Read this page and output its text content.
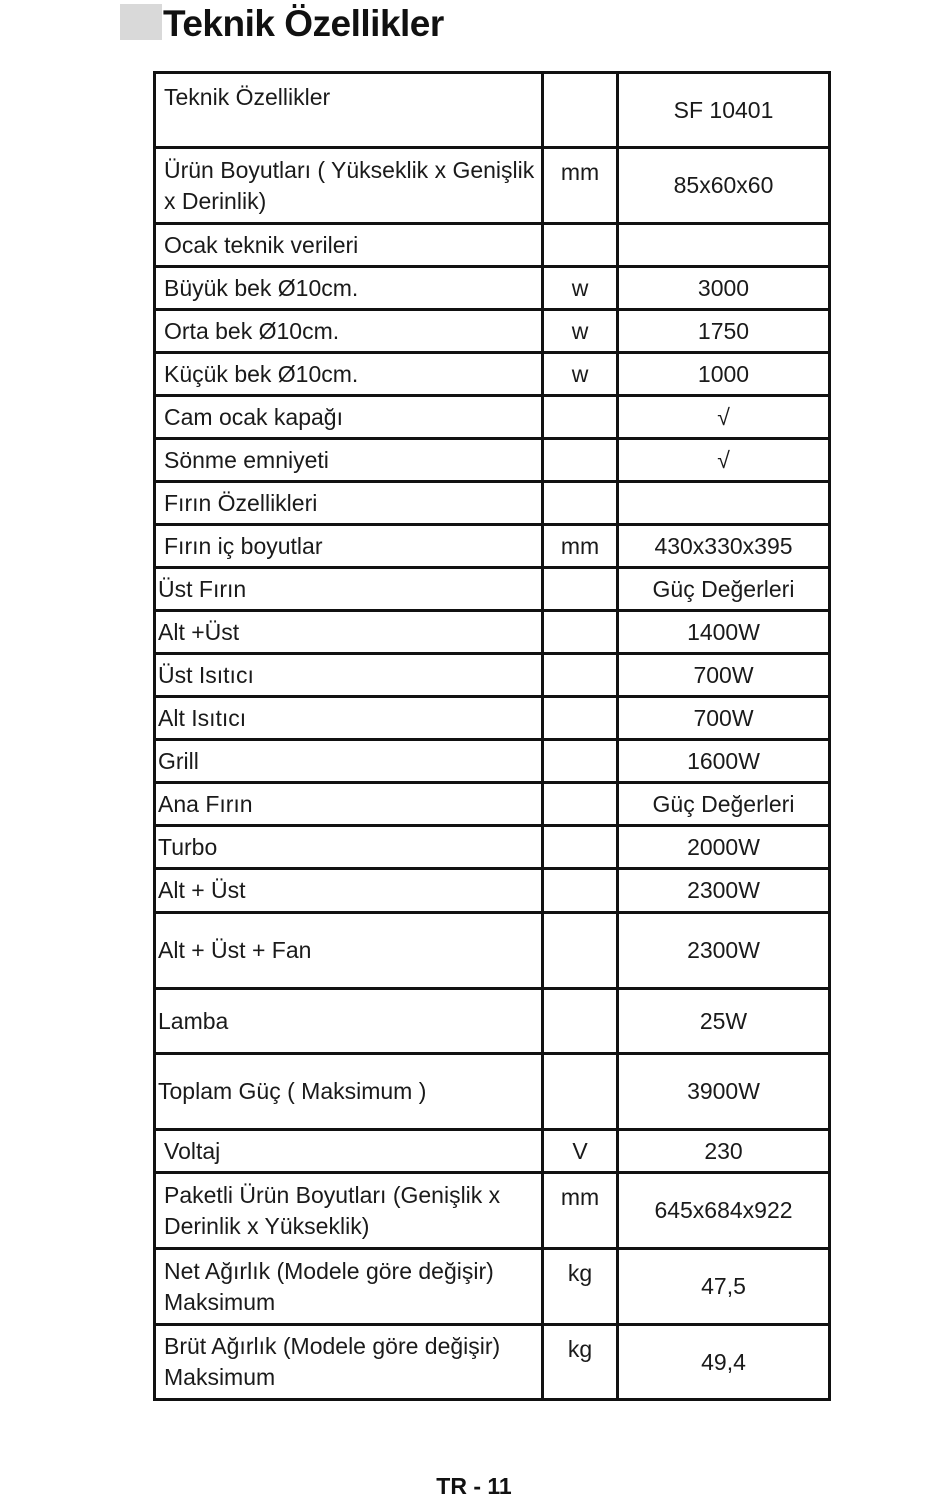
Teknik Özellikler
Teknik Özellikler		SF 10401
Ürün Boyutları ( Yükseklik x Genişlik x Derinlik)	mm	85x60x60
Ocak teknik verileri		
Büyük bek Ø10cm.	w	3000
Orta bek Ø10cm.	w	1750
Küçük bek Ø10cm.	w	1000
Cam ocak kapağı		√
Sönme emniyeti		√
Fırın Özellikleri		
Fırın iç boyutlar	mm	430x330x395
Üst Fırın		Güç Değerleri
Alt +Üst		1400W
Üst Isıtıcı		700W
Alt Isıtıcı		700W
Grill		1600W
Ana Fırın		Güç Değerleri
Turbo		2000W
Alt + Üst		2300W
Alt + Üst + Fan		2300W
Lamba		25W
Toplam Güç ( Maksimum )		3900W
Voltaj	V	230
Paketli Ürün Boyutları (Genişlik x Derinlik x Yükseklik)	mm	645x684x922
Net Ağırlık (Modele göre değişir) Maksimum	kg	47,5
Brüt Ağırlık (Modele göre değişir) Maksimum	kg	49,4
TR - 11
